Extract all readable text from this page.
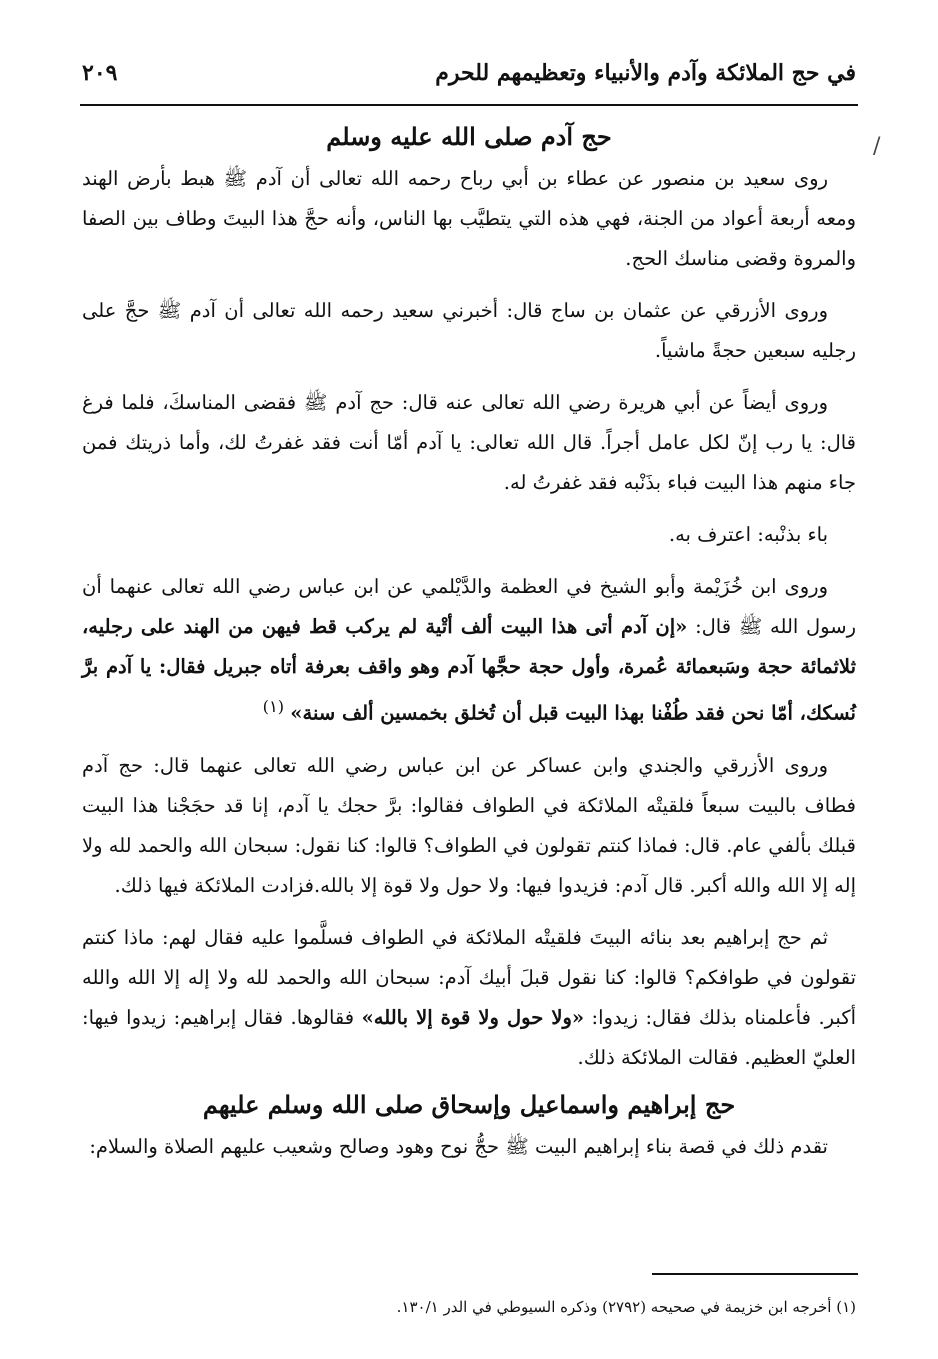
في حج الملائكة وآدم والأنبياء وتعظيمهم للحرم
٢٠٩
/
حج آدم صلى الله عليه وسلم

روى سعيد بن منصور عن عطاء بن أبي رباح رحمه الله تعالى أن آدم ﷺ هبط بأرض الهند ومعه أربعة أعواد من الجنة، فهي هذه التي يتطيَّب بها الناس، وأنه حجَّ هذا البيتَ وطاف بين الصفا والمروة وقضى مناسك الحج.

وروى الأزرقي عن عثمان بن ساج قال: أخبرني سعيد رحمه الله تعالى أن آدم ﷺ حجَّ على رجليه سبعين حجةً ماشياً.

وروى أيضاً عن أبي هريرة رضي الله تعالى عنه قال: حج آدم ﷺ فقضى المناسكَ، فلما فرغ قال: يا رب إنّ لكل عامل أجراً. قال الله تعالى: يا آدم أمّا أنت فقد غفرتُ لك، وأما ذريتك فمن جاء منهم هذا البيت فباء بذَنْبه فقد غفرتُ له.

باء بذنْبه: اعترف به.

وروى ابن خُزَيْمة وأبو الشيخ في العظمة والدَّيْلمي عن ابن عباس رضي الله تعالى عنهما أن رسول الله ﷺ قال: «إن آدم أتى هذا البيت ألف أتْية لم يركب قط فيهن من الهند على رجليه، ثلاثمائة حجة وسَبعمائة عُمرة، وأول حجة حجَّها آدم وهو واقف بعرفة أتاه جبريل فقال: يا آدم برَّ نُسكك، أمّا نحن فقد طُفْنا بهذا البيت قبل أن تُخلق بخمسين ألف سنة» $^{(١)}$

وروى الأزرقي والجندي وابن عساكر عن ابن عباس رضي الله تعالى عنهما قال: حج آدم فطاف بالبيت سبعاً فلقيتْه الملائكة في الطواف فقالوا: برَّ حجك يا آدم، إنا قد حجَجْنا هذا البيت قبلك بألفي عام. قال: فماذا كنتم تقولون في الطواف؟ قالوا: كنا نقول: سبحان الله والحمد لله ولا إله إلا الله والله أكبر. قال آدم: فزيدوا فيها: ولا حول ولا قوة إلا بالله.فزادت الملائكة فيها ذلك.

ثم حج إبراهيم بعد بنائه البيتَ فلقيتْه الملائكة في الطواف فسلَّموا عليه فقال لهم: ماذا كنتم تقولون في طوافكم؟ قالوا: كنا نقول قبلَ أبيك آدم: سبحان الله والحمد لله ولا إله إلا الله والله أكبر. فأعلمناه بذلك فقال: زيدوا: «ولا حول ولا قوة إلا بالله» فقالوها. فقال إبراهيم: زيدوا فيها: العليّ العظيم. فقالت الملائكة ذلك.

حج إبراهيم واسماعيل وإسحاق صلى الله وسلم عليهم

تقدم ذلك في قصة بناء إبراهيم البيت ﷺ حجُّ نوح وهود وصالح وشعيب عليهم الصلاة والسلام:

(١) أخرجه ابن خزيمة في صحيحه (٢٧٩٢) وذكره السيوطي في الدر ١٣٠/١.
